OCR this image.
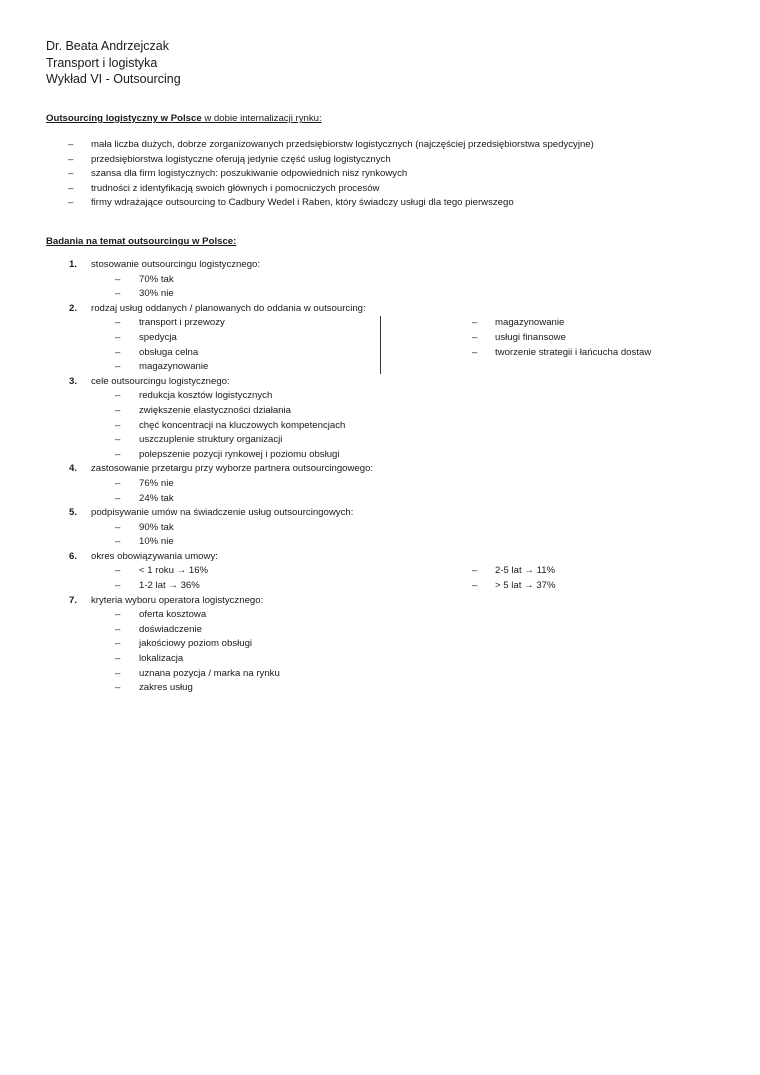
Dr. Beata Andrzejczak
Transport i logistyka
Wykład VI - Outsourcing
Outsourcing logistyczny w Polsce w dobie internalizacji rynku:
– mała liczba dużych, dobrze zorganizowanych przedsiębiorstw logistycznych (najczęściej przedsiębiorstwa spedycyjne)
– przedsiębiorstwa logistyczne oferują jedynie część usług logistycznych
– szansa dla firm logistycznych: poszukiwanie odpowiednich nisz rynkowych
– trudności z identyfikacją swoich głównych i pomocniczych procesów
– firmy wdrażające outsourcing to Cadbury Wedel i Raben, który świadczy usługi dla tego pierwszego
Badania na temat outsourcingu w Polsce:
1. stosowanie outsourcingu logistycznego:
– 70% tak
– 30% nie
2. rodzaj usług oddanych / planowanych do oddania w outsourcing:
– transport i przewozy	– magazynowanie
– spedycja	– usługi finansowe
– obsługa celna	– tworzenie strategii i łańcucha dostaw
– magazynowanie
3. cele outsourcingu logistycznego:
– redukcja kosztów logistycznych
– zwiększenie elastyczności działania
– chęć koncentracji na kluczowych kompetencjach
– uszczuplenie struktury organizacji
– polepszenie pozycji rynkowej i poziomu obsługi
4. zastosowanie przetargu przy wyborze partnera outsourcingowego:
– 76% nie
– 24% tak
5. podpisywanie umów na świadczenie usług outsourcingowych:
– 90% tak
– 10% nie
6. okres obowiązywania umowy:
– < 1 roku → 16%	– 2-5 lat → 11%
– 1-2 lat → 36%	– > 5 lat → 37%
7. kryteria wyboru operatora logistycznego:
– oferta kosztowa
– doświadczenie
– jakościowy poziom obsługi
– lokalizacja
– uznana pozycja / marka na rynku
– zakres usług
